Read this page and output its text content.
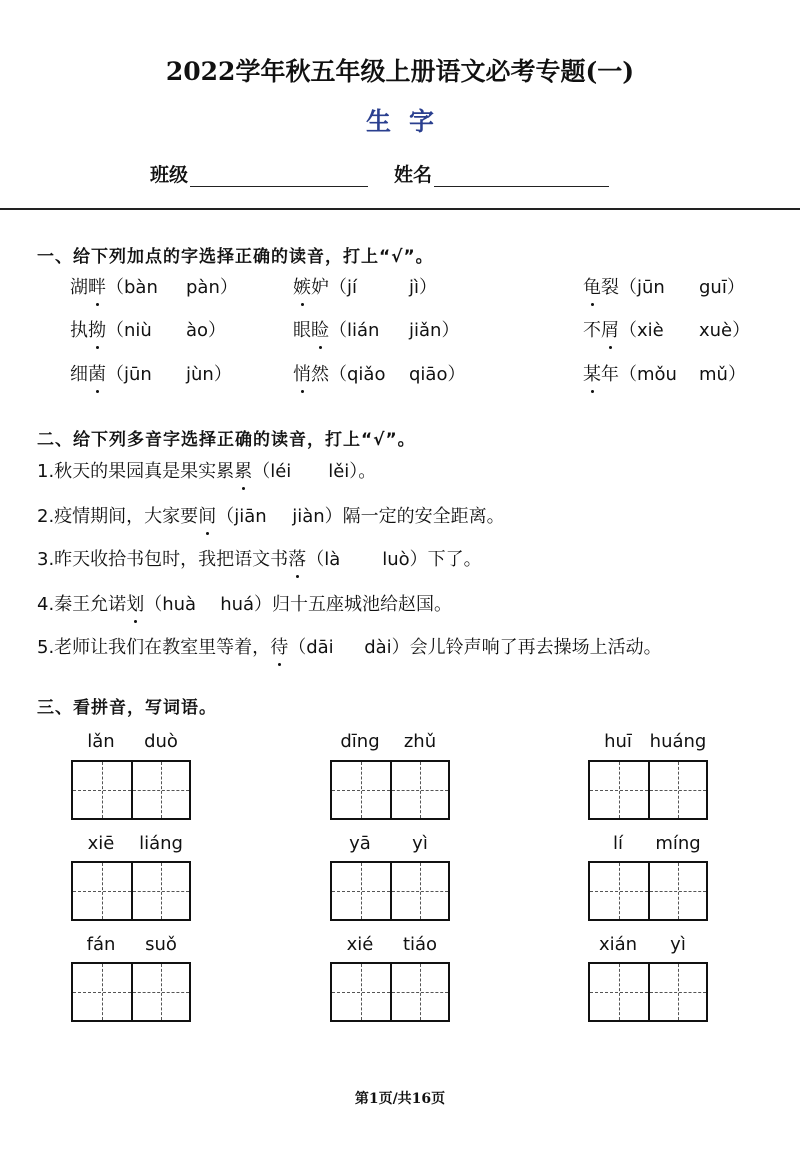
2022学年秋五年级上册语文必考专题(一)
生字
班级	姓名
一、给下列加点的字选择正确的读音，打上“√”。
湖畔（bàn pàn）	嫉妒（jí	jì）	龟裂（jūn guī）
执拗（niù ào）	眼睑（lián jiǎn）	不屑（xiè xuè）
细菌（jūn jùn）	悄然（qiǎo qiāo）	某年（mǒu mǔ）
二、给下列多音字选择正确的读音，打上“√”。
1.秋天的果园真是果实累累（léi lěi）。
2.疫情期间，大家要间（jiān jiàn）隔一定的安全距离。
3.昨天收拾书包时，我把语文书落（là luò）下了。
4.秦王允诺划（huà huá）归十五座城池给赵国。
5.老师让我们在教室里等着，待（dāi dài）会儿铃声响了再去操场上活动。
三、看拼音，写词语。
lǎn	duò	dīng	zhǔ	huī huáng
xiē	liáng	yā	yì	lí	míng
fán	suǒ	xié	tiáo	xián	yì
第1页/共16页
